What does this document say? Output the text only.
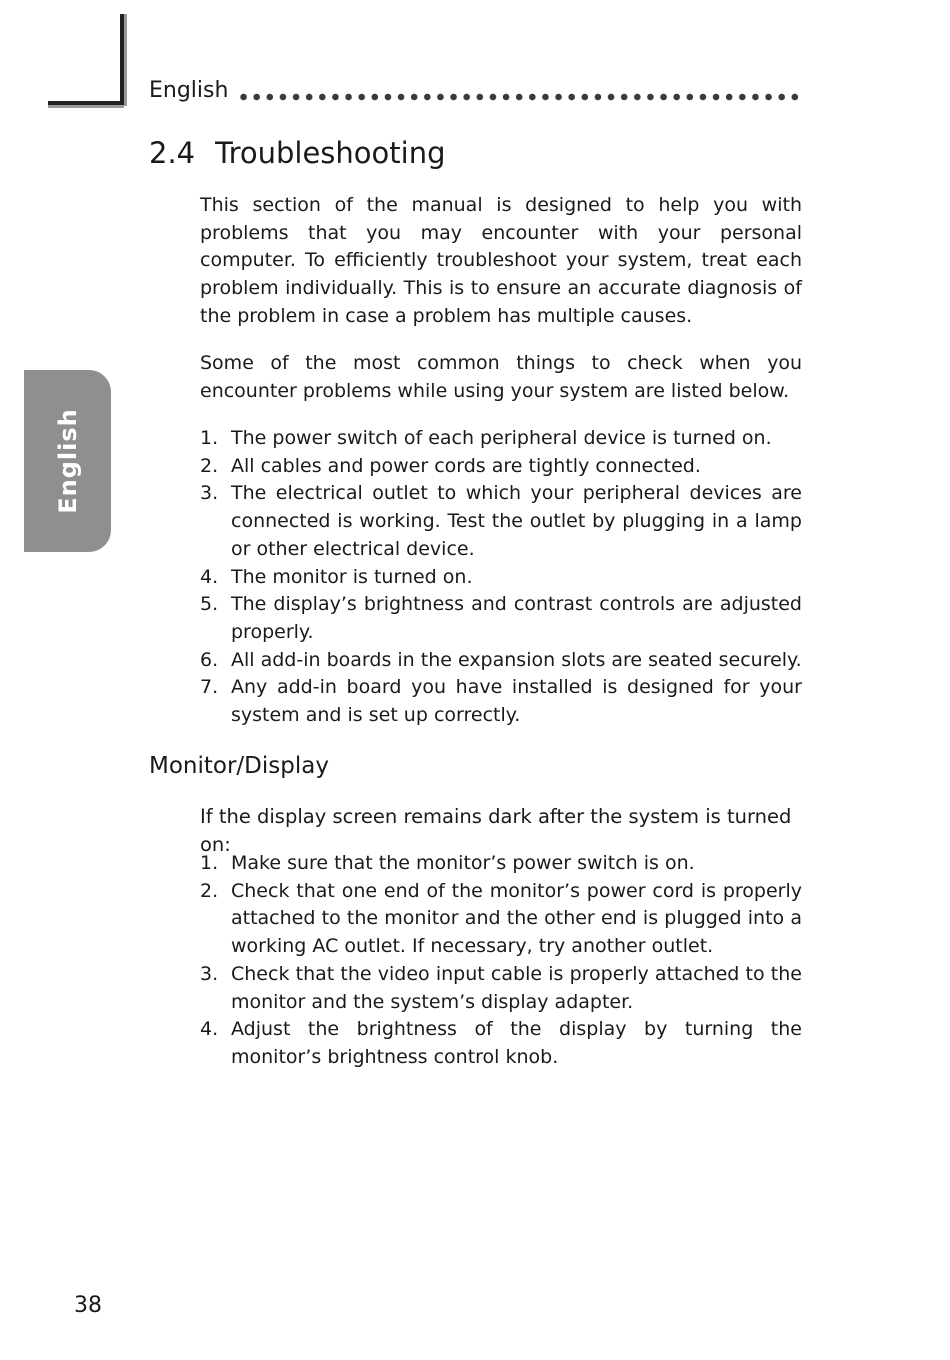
English
English
2.4 Troubleshooting

This section of the manual is designed to help you with problems that you may encounter with your personal computer. To efficiently troubleshoot your system, treat each problem individually. This is to ensure an accurate diagnosis of the problem in case a problem has multiple causes.

Some of the most common things to check when you encounter problems while using your system are listed below.

1. The power switch of each peripheral device is turned on.
2. All cables and power cords are tightly connected.
3. The electrical outlet to which your peripheral devices are connected is working. Test the outlet by plugging in a lamp or other electrical device.
4. The monitor is turned on.
5. The display’s brightness and contrast controls are adjusted properly.
6. All add-in boards in the expansion slots are seated securely.
7. Any add-in board you have installed is designed for your system and is set up correctly.
Monitor/Display
If the display screen remains dark after the system is turned on:
1. Make sure that the monitor’s power switch is on.
2. Check that one end of the monitor’s power cord is properly attached to the monitor and the other end is plugged into a working AC outlet. If necessary, try another outlet.
3. Check that the video input cable is properly attached to the monitor and the system’s display adapter.
4. Adjust the brightness of the display by turning the monitor’s brightness control knob.
38
